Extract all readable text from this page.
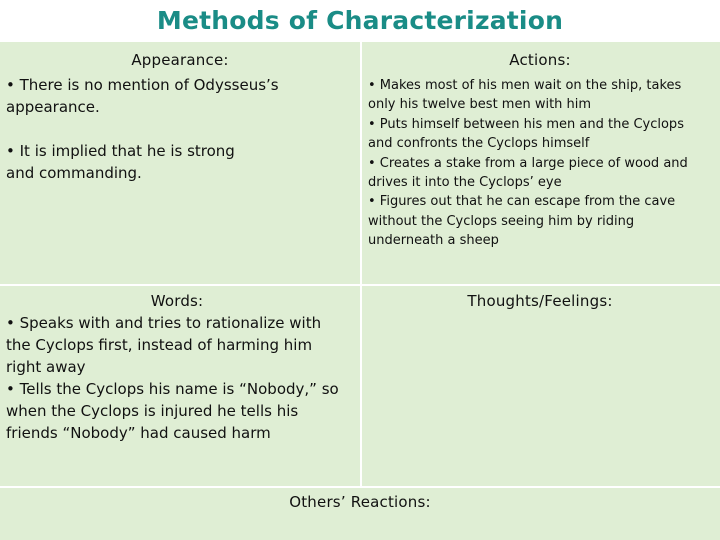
Methods of Characterization
Appearance:
• There is no mention of Odysseus’s appearance.
• It is implied that he is strong and commanding.
Actions:
• Makes most of his men wait on the ship, takes only his twelve best men with him
• Puts himself between his men and the Cyclops and confronts the Cyclops himself
• Creates a stake from a large piece of wood and drives it into the Cyclops’ eye
• Figures out that he can escape from the cave without the Cyclops seeing him by riding underneath a sheep
Words:
• Speaks with and tries to rationalize with the Cyclops first, instead of harming him right away
• Tells the Cyclops his name is “Nobody,” so when the Cyclops is injured he tells his friends “Nobody” had caused harm
Thoughts/Feelings:
Others’ Reactions:
